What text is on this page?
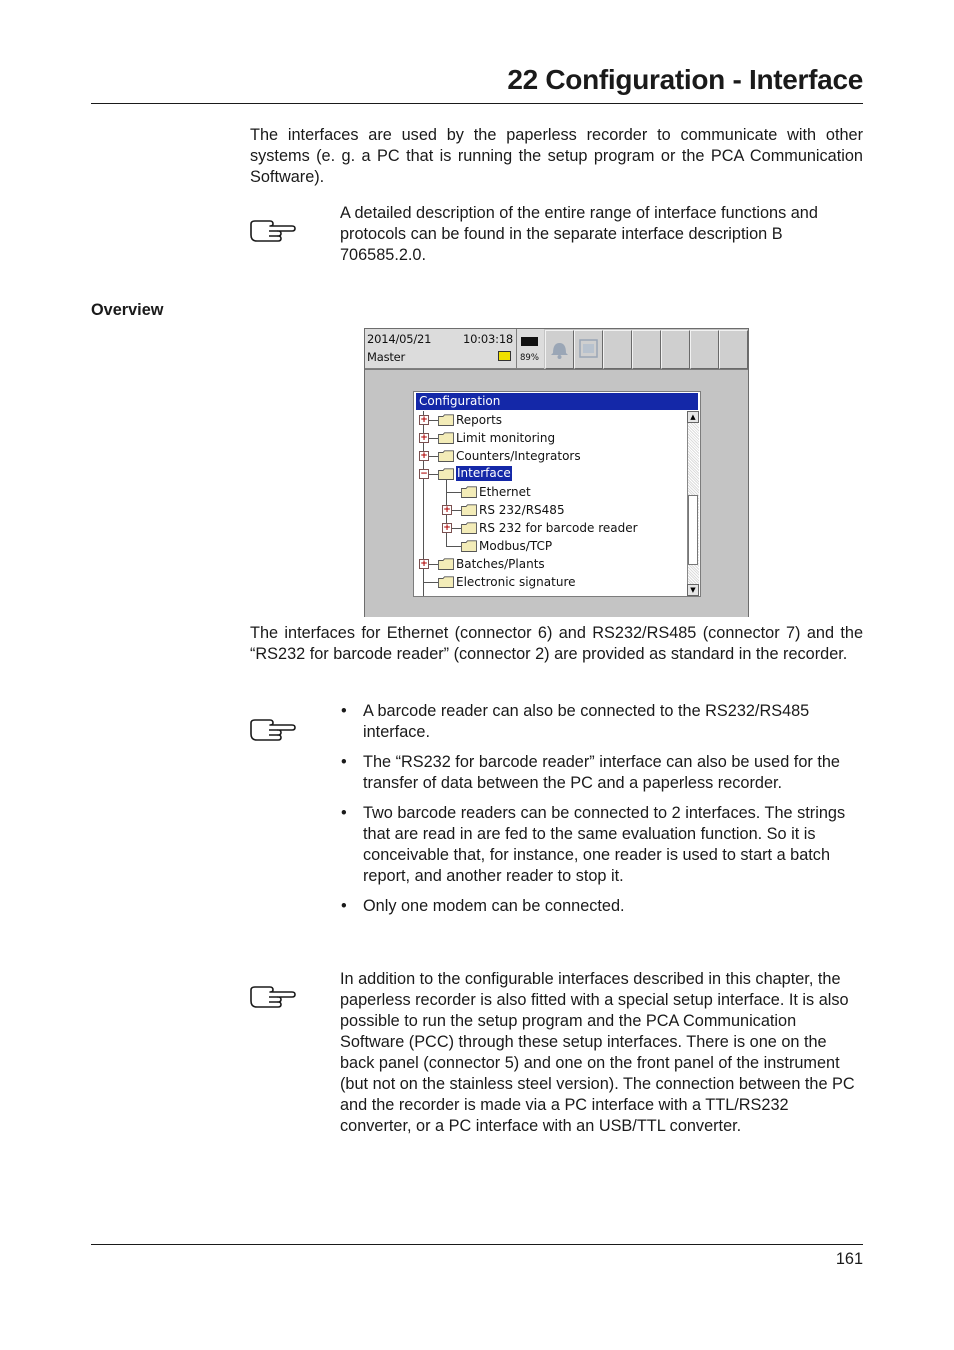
22 Configuration - Interface
The interfaces are used by the paperless recorder to communicate with other systems (e. g. a PC that is running the setup program or the PCA Communication Software).
A detailed description of the entire range of interface functions and protocols can be found in the separate interface description B 706585.2.0.
Overview
2014/05/21	10:03:18
Master	89%
Configuration
+ Reports
+ Limit monitoring
+ Counters/Integrators
− Interface
Ethernet
+ RS 232/RS485
+ RS 232 for barcode reader
Modbus/TCP
+ Batches/Plants
Electronic signature
▲
▼
The interfaces for Ethernet (connector 6) and RS232/RS485 (connector 7) and the “RS232 for barcode reader” (connector 2) are provided as standard in the recorder.
• A barcode reader can also be connected to the RS232/RS485 interface.
• The “RS232 for barcode reader” interface can also be used for the transfer of data between the PC and a paperless recorder.
• Two barcode readers can be connected to 2 interfaces. The strings that are read in are fed to the same evaluation function. So it is conceivable that, for instance, one reader is used to start a batch report, and another reader to stop it.
• Only one modem can be connected.
In addition to the configurable interfaces described in this chapter, the paperless recorder is also fitted with a special setup interface. It is also possible to run the setup program and the PCA Communication Software (PCC) through these setup interfaces. There is one on the back panel (connector 5) and one on the front panel of the instrument (but not on the stainless steel version). The connection between the PC and the recorder is made via a PC interface with a TTL/RS232 converter, or a PC interface with an USB/TTL converter.
161
